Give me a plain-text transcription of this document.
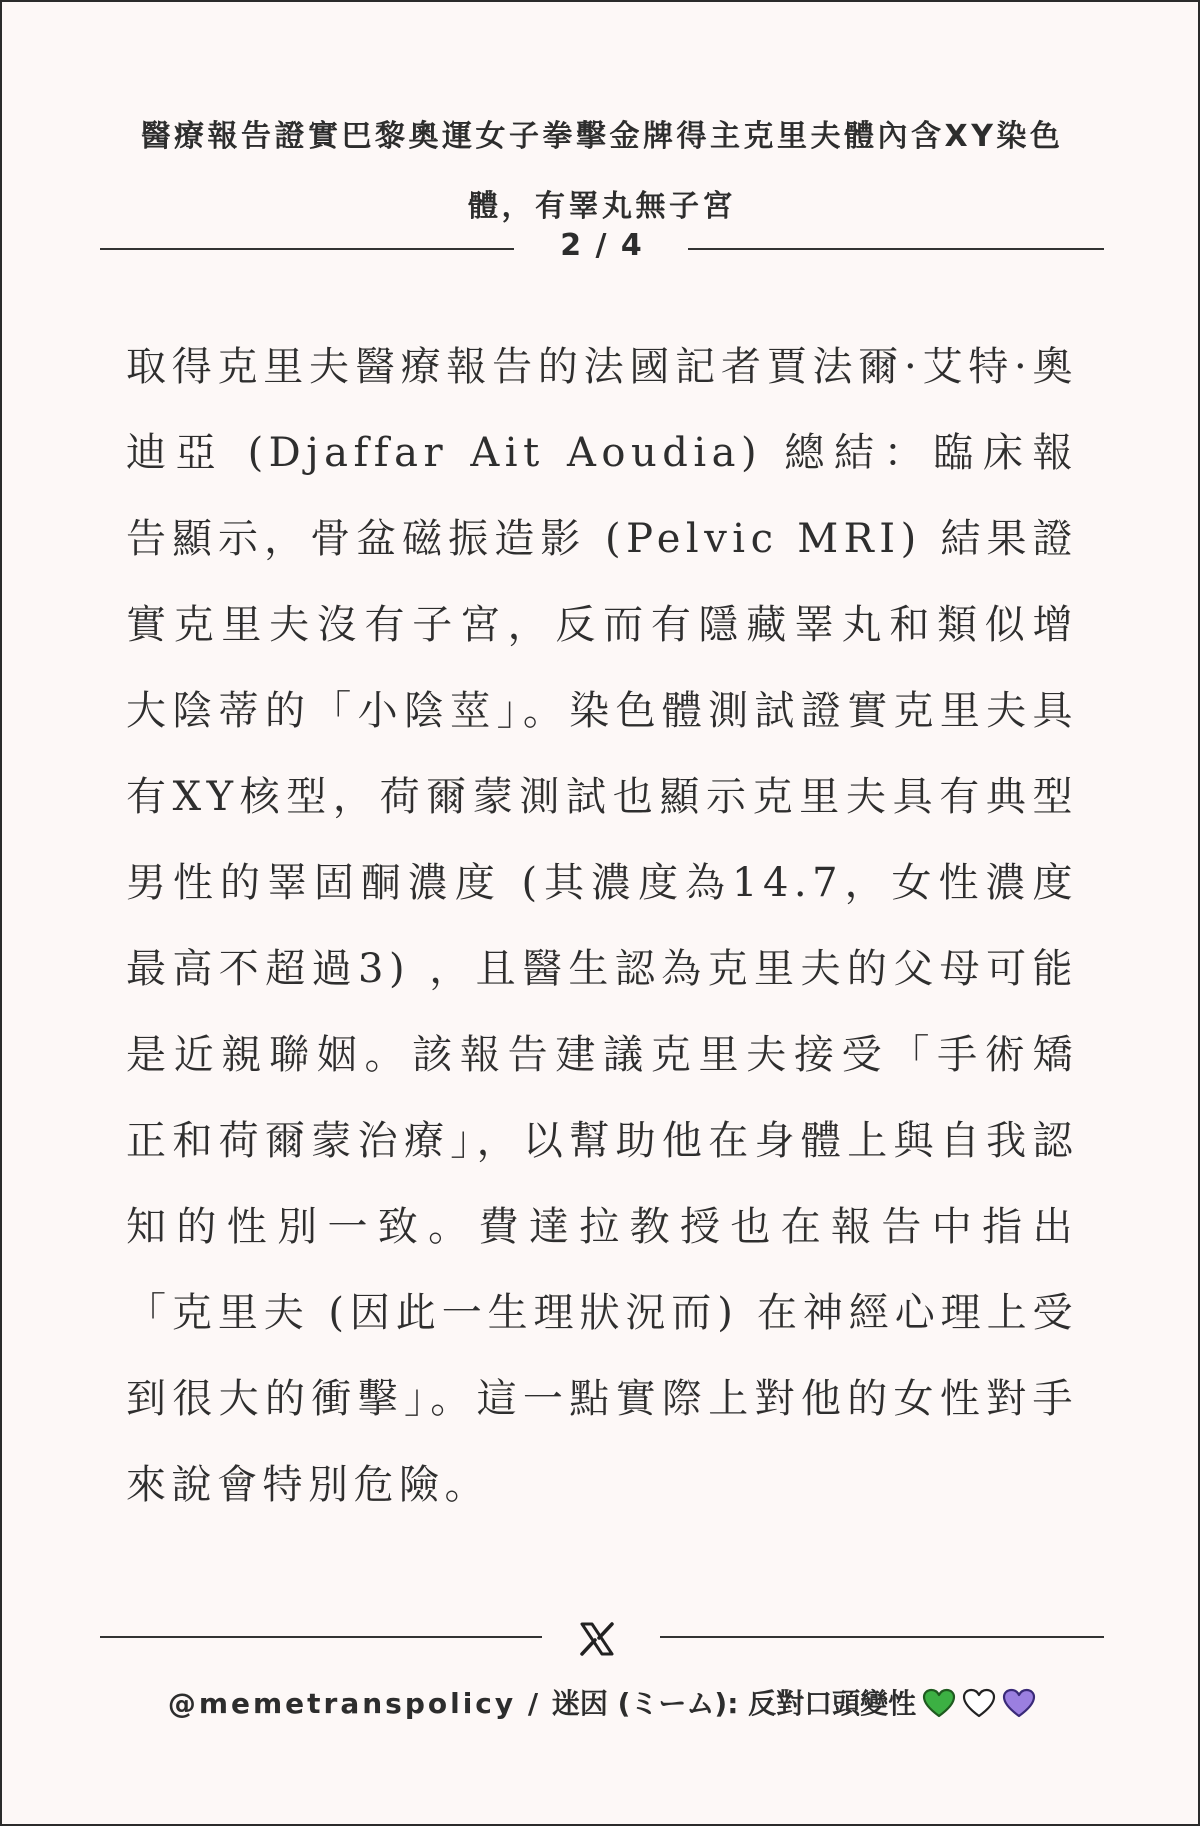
醫療報告證實巴黎奧運女子拳擊金牌得主克里夫體內含XY染色體，有睪丸無子宮
2 / 4
取得克里夫醫療報告的法國記者賈法爾·艾特·奧迪亞 (Djaffar Ait Aoudia) 總結：臨床報告顯示，骨盆磁振造影 (Pelvic MRI) 結果證實克里夫沒有子宮，反而有隱藏睪丸和類似增大陰蒂的「小陰莖」。染色體測試證實克里夫具有XY核型，荷爾蒙測試也顯示克里夫具有典型男性的睪固酮濃度 (其濃度為14.7，女性濃度最高不超過3) ，且醫生認為克里夫的父母可能是近親聯姻。該報告建議克里夫接受「手術矯正和荷爾蒙治療」，以幫助他在身體上與自我認知的性別一致。費達拉教授也在報告中指出「克里夫 (因此一生理狀況而) 在神經心理上受到很大的衝擊」。這一點實際上對他的女性對手來說會特別危險。
@memetranspolicy / 迷因 (ミーム): 反對口頭變性
